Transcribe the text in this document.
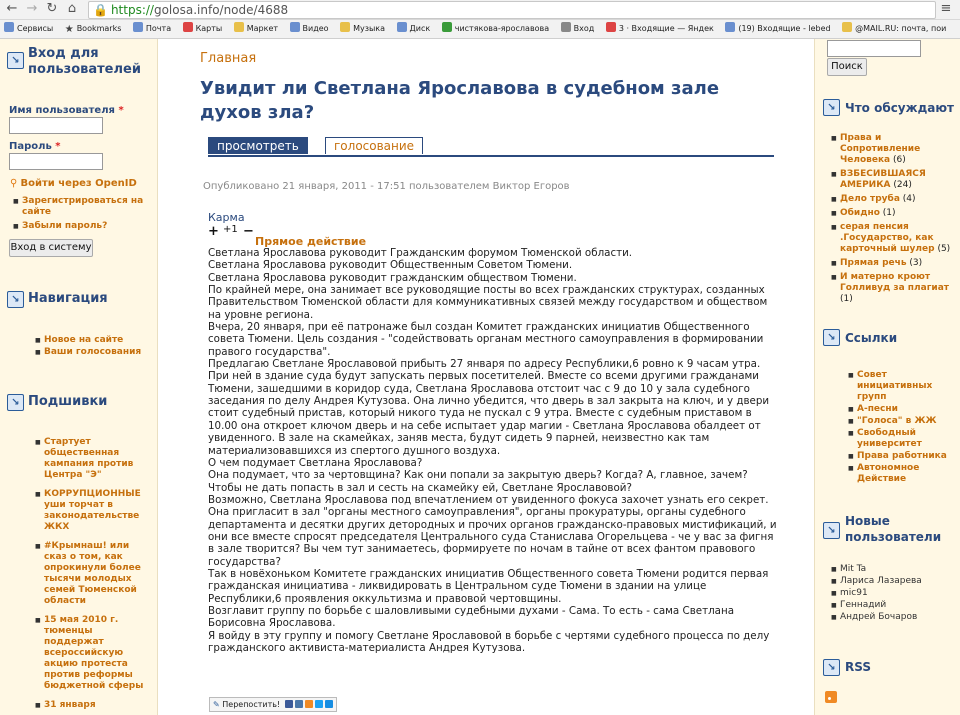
← → ↻ ⌂	🔒 https://golosa.info/node/4688	≡
Сервисы ★ Bookmarks	Почта	Карты	Маркет	Видео	Музыка	Диск	чистякова-ярославова	Вход	3 · Входящие — Яндек	(19) Входящие - lebed	@MAIL.RU: почта, пои
↘ Вход для пользователей
Имя пользователя *
Пароль *
⚲ Войти через OpenID
■ Зарегистрироваться на сайте
■ Забыли пароль?
Вход в систему
↘ Навигация
■ Новое на сайте
■ Ваши голосования
↘ Подшивки
■ Стартует общественная кампания против Центра "Э"
■ КОРРУПЦИОННЫЕ уши торчат в законодательстве ЖКХ
■ #Крымнаш! или сказ о том, как опрокинули более тысячи молодых семей Тюменской области
■ 15 мая 2010 г. тюменцы поддержат всероссийскую акцию протеста против реформы бюджетной сферы
■ 31 января
Главная
Увидит ли Светлана Ярославова в судебном зале духов зла?
просмотреть	голосование
Опубликовано 21 января, 2011 - 17:51 пользователем Виктор Егоров
Карма
+ +1 −
Прямое действие

Светлана Ярославова руководит Гражданским форумом Тюменской области.

Светлана Ярославова руководит Общественным Советом Тюмени.

Светлана Ярославова руководит гражданским обществом Тюмени.

По крайней мере, она занимает все руководящие посты во всех гражданских структурах, созданных Правительством Тюменской области для коммуникативных связей между государством и обществом на уровне региона.

Вчера, 20 января, при её патронаже был создан Комитет гражданских инициатив Общественного совета Тюмени. Цель создания - "содействовать органам местного самоуправления в формировании правого государства".

Предлагаю Светлане Ярославовой прибыть 27 января по адресу Республики,6 ровно к 9 часам утра. При ней в здание суда будут запускать первых посетителей. Вместе со всеми другими гражданами Тюмени, зашедшими в коридор суда, Светлана Ярославова отстоит час с 9 до 10 у зала судебного заседания по делу Андрея Кутузова. Она лично убедится, что дверь в зал закрыта на ключ, и у двери стоит судебный пристав, который никого туда не пускал с 9 утра. Вместе с судебным приставом в 10.00 она откроет ключом дверь и на себе испытает удар магии - Светлана Ярославова обалдеет от увиденного. В зале на скамейках, заняв места, будут сидеть 9 парней, неизвестно как там материализовавшихся из спертого душного воздуха.

О чем подумает Светлана Ярославова?

Она подумает, что за чертовщина? Как они попали за закрытую дверь? Когда? А, главное, зачем? Чтобы не дать попасть в зал и сесть на скамейку ей, Светлане Ярославовой?

Возможно, Светлана Ярославова под впечатлением от увиденного фокуса захочет узнать его секрет. Она пригласит в зал "органы местного самоуправления", органы прокуратуры, органы судебного департамента и десятки других детородных и прочих органов гражданско-правовых мистификаций, и они все вместе спросят председателя Центрального суда Станислава Огорельцева - че у вас за фигня в зале творится? Вы чем тут занимаетесь, формируете по ночам в тайне от всех фантом правового государства?

Так в новёхоньком Комитете гражданских инициатив Общественного совета Тюмени родится первая гражданская инициатива - ликвидировать в Центральном суде Тюмени в здании на улице Республики,6 проявления оккультизма и правовой чертовщины.

Возглавит группу по борьбе с шаловливыми судебными духами - Сама. То есть - сама Светлана Борисовна Ярославова.

Я войду в эту группу и помогу Светлане Ярославовой в борьбе с чертями судебного процесса по делу гражданского активиста-материалиста Андрея Кутузова.

✎ Перепостить!
Поиск
↘ Что обсуждают
■ Права и Сопротивление Человека (6)
■ ВЗБЕСИВШАЯСЯ АМЕРИКА (24)
■ Дело труба (4)
■ Обидно (1)
■ серая пенсия .Государство, как карточный шулер (5)
■ Прямая речь (3)
■ И матерно кроют Голливуд за плагиат (1)
↘ Ссылки
■ Совет инициативных групп
■ А-песни
■ "Голоса" в ЖЖ
■ Свободный университет
■ Права работника
■ Автономное Действие
↘
Новые пользователи
■ Mit Ta
■ Лариса Лазарева
■ mic91
■ Геннадий
■ Андрей Бочаров
↘ RSS
